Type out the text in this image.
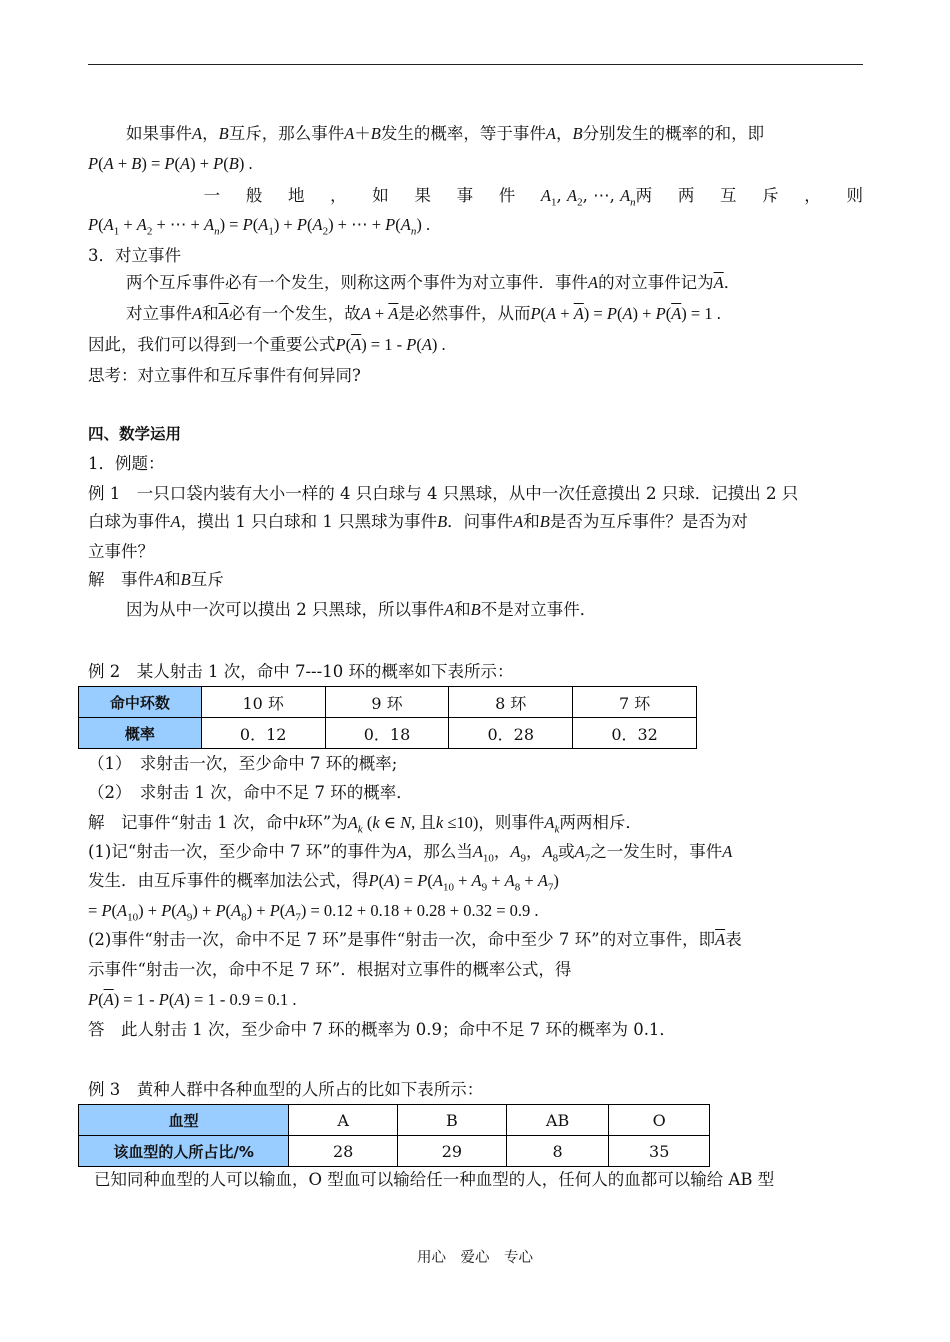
如果事件A，B互斥，那么事件A＋B发生的概率，等于事件A，B分别发生的概率的和，即
P(A + B) = P(A) + P(B) .
一 般 地 ， 如 果 事 件 $A_1$, $A_2$, ⋯, $A_n$两 两 互 斥 ， 则
$P(A_1 + A_2$ + ⋯ + $A_n) = P(A_1) + P(A_2)$ + ⋯ + $P(A_n)$ .
3．对立事件
两个互斥事件必有一个发生，则称这两个事件为对立事件．事件A的对立事件记为$\overline{A}$．
对立事件A和$\overline{A}$必有一个发生，故$A + \overline{A}$是必然事件，从而$P(A + \overline{A}) = P(A) + P(\overline{A}) = 1$ .
因此，我们可以得到一个重要公式$P(\overline{A}) = 1 - P(A)$ .
思考：对立事件和互斥事件有何异同?
四、数学运用
1．例题：
例 1　一只口袋内装有大小一样的 4 只白球与 4 只黑球，从中一次任意摸出 2 只球．记摸出 2 只
白球为事件A，摸出 1 只白球和 1 只黑球为事件B．问事件A和B是否为互斥事件？是否为对
立事件？
解　事件A和B互斥
因为从中一次可以摸出 2 只黑球，所以事件A和B不是对立事件．
例 2　某人射击 1 次，命中 7---10 环的概率如下表所示：
命中环数	10 环	9 环	8 环	7 环
概率	0．12	0．18	0．28	0．32
（1）　求射击一次，至少命中 7 环的概率;
（2）　求射击 1 次，命中不足 7 环的概率．
解　记事件“射击 1 次，命中k环”为$A_k$ (k ∈ N, 且k ≤10)，则事件$A_k$两两相斥．
(1)记“射击一次，至少命中 7 环”的事件为A，那么当$A_{10}$，$A_9$，$A_8$或$A_7$之一发生时，事件A
发生．由互斥事件的概率加法公式，得$P(A) = P(A_{10} + A_9 + A_8 + A_7)$
= $P(A_{10}) + P(A_9) + P(A_8) + P(A_7) = 0.12 + 0.18 + 0.28 + 0.32 = 0.9$ .
(2)事件“射击一次，命中不足 7 环”是事件“射击一次，命中至少 7 环”的对立事件，即$\overline{A}$表
示事件“射击一次，命中不足 7 环”．根据对立事件的概率公式，得
$P(\overline{A}) = 1 - P(A) = 1 - 0.9 = 0.1$ .
答　此人射击 1 次，至少命中 7 环的概率为 0.9；命中不足 7 环的概率为 0.1．
例 3　黄种人群中各种血型的人所占的比如下表所示：
血型	A	B	AB	O
该血型的人所占比/%	28	29	8	35
已知同种血型的人可以输血，O 型血可以输给任一种血型的人，任何人的血都可以输给 AB 型
用心　爱心　专心
